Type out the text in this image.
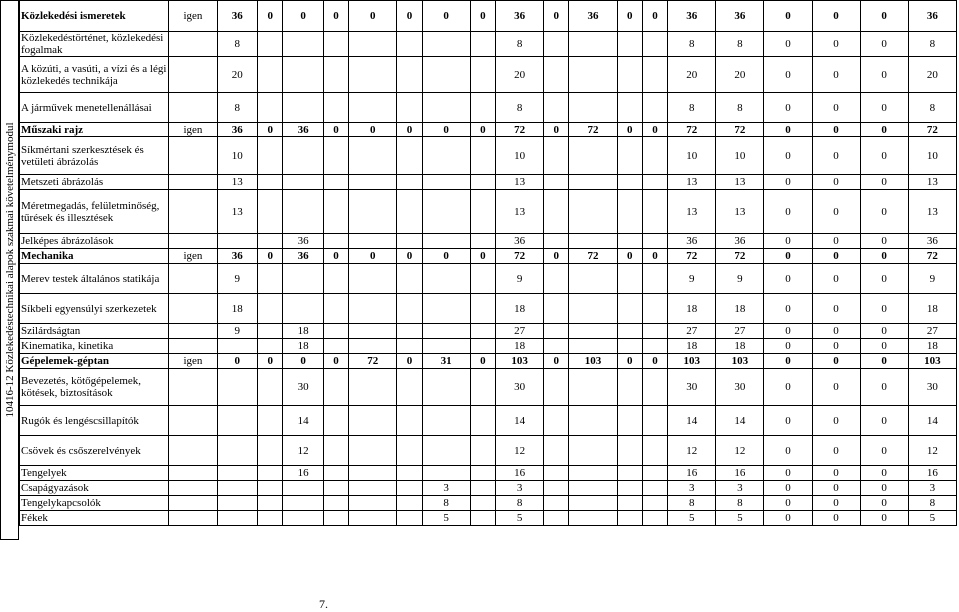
10416-12 Közlekedéstechnikai alapok szakmai követelménymodul
Közlekedési ismeretek	igen	36	0	0	0	0	0	0	0	36	0	36	0	0	36	36	0	0	0	36
Közlekedéstörténet, közlekedési fogalmak		8								8					8	8	0	0	0	8
A közúti, a vasúti, a vízi és a légi közlekedés technikája		20								20					20	20	0	0	0	20
A járművek menetellenállásai		8								8					8	8	0	0	0	8
Műszaki rajz	igen	36	0	36	0	0	0	0	0	72	0	72	0	0	72	72	0	0	0	72
Síkmértani szerkesztések és vetületi ábrázolás		10								10					10	10	0	0	0	10
Metszeti ábrázolás		13								13					13	13	0	0	0	13
Méretmegadás, felületminőség, tűrések és illesztések		13								13					13	13	0	0	0	13
Jelképes ábrázolások				36						36					36	36	0	0	0	36
Mechanika	igen	36	0	36	0	0	0	0	0	72	0	72	0	0	72	72	0	0	0	72
Merev testek általános statikája		9								9					9	9	0	0	0	9
Síkbeli egyensúlyi szerkezetek		18								18					18	18	0	0	0	18
Szilárdságtan		9		18						27					27	27	0	0	0	27
Kinematika, kinetika				18						18					18	18	0	0	0	18
Gépelemek-géptan	igen	0	0	0	0	72	0	31	0	103	0	103	0	0	103	103	0	0	0	103
Bevezetés, kötőgépelemek, kötések, biztosítások				30						30					30	30	0	0	0	30
Rugók és lengéscsillapítók				14						14					14	14	0	0	0	14
Csövek és csőszerelvények				12						12					12	12	0	0	0	12
Tengelyek				16						16					16	16	0	0	0	16
Csapágyazások								3		3					3	3	0	0	0	3
Tengelykapcsolók								8		8					8	8	0	0	0	8
Fékek								5		5					5	5	0	0	0	5
7.
